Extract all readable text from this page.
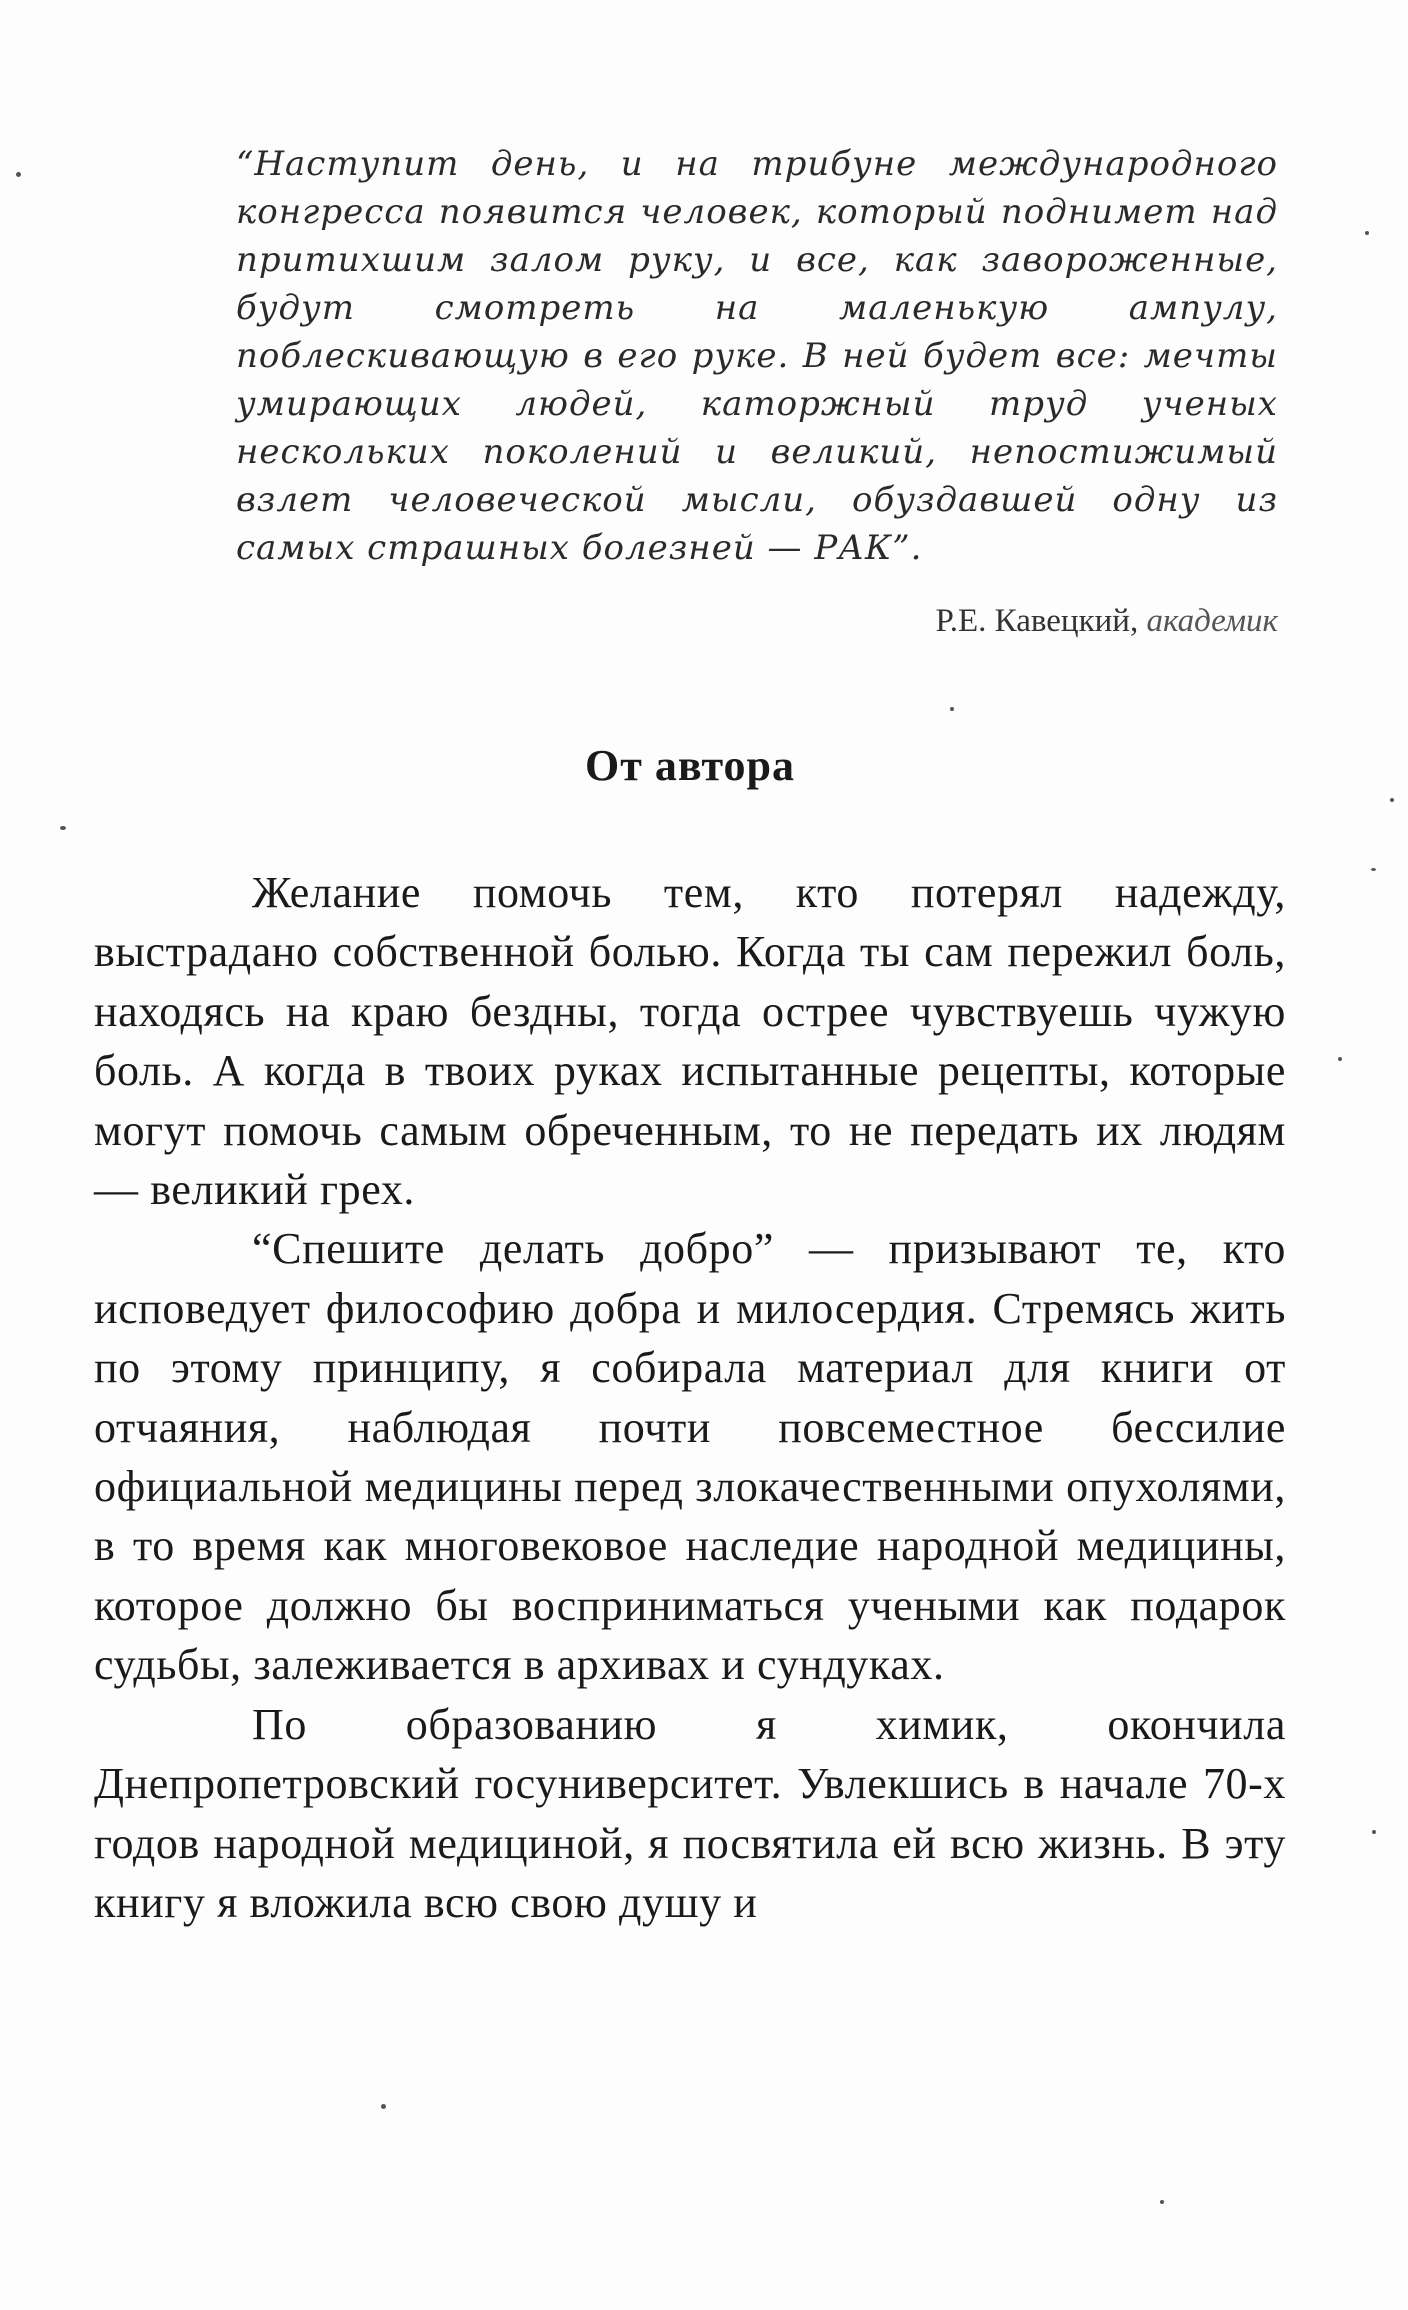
“Наступит день, и на трибуне международного конгресса появится человек, который поднимет над притихшим залом руку, и все, как завороженные, будут смотреть на маленькую ампулу, поблескивающую в его руке. В ней будет все: мечты умирающих людей, каторжный труд ученых нескольких поколений и великий, непостижимый взлет человеческой мысли, обуздавшей одну из самых страшных болезней — РАК”.
Р.Е. Кавецкий, академик
От автора

Желание помочь тем, кто потерял надежду, выстрадано собственной болью. Когда ты сам пережил боль, находясь на краю бездны, тогда острее чувствуешь чужую боль. А когда в твоих руках испытанные рецепты, которые могут помочь самым обреченным, то не передать их людям — великий грех.

“Спешите делать добро” — призывают те, кто исповедует философию добра и милосердия. Стремясь жить по этому принципу, я собирала материал для книги от отчаяния, наблюдая почти повсеместное бессилие официальной медицины перед злокачественными опухолями, в то время как многовековое наследие народной медицины, которое должно бы восприниматься учеными как подарок судьбы, залеживается в архивах и сундуках.

По образованию я химик, окончила Днепропетровский госуниверситет. Увлекшись в начале 70-х годов народной медициной, я посвятила ей всю жизнь. В эту книгу я вложила всю свою душу и
